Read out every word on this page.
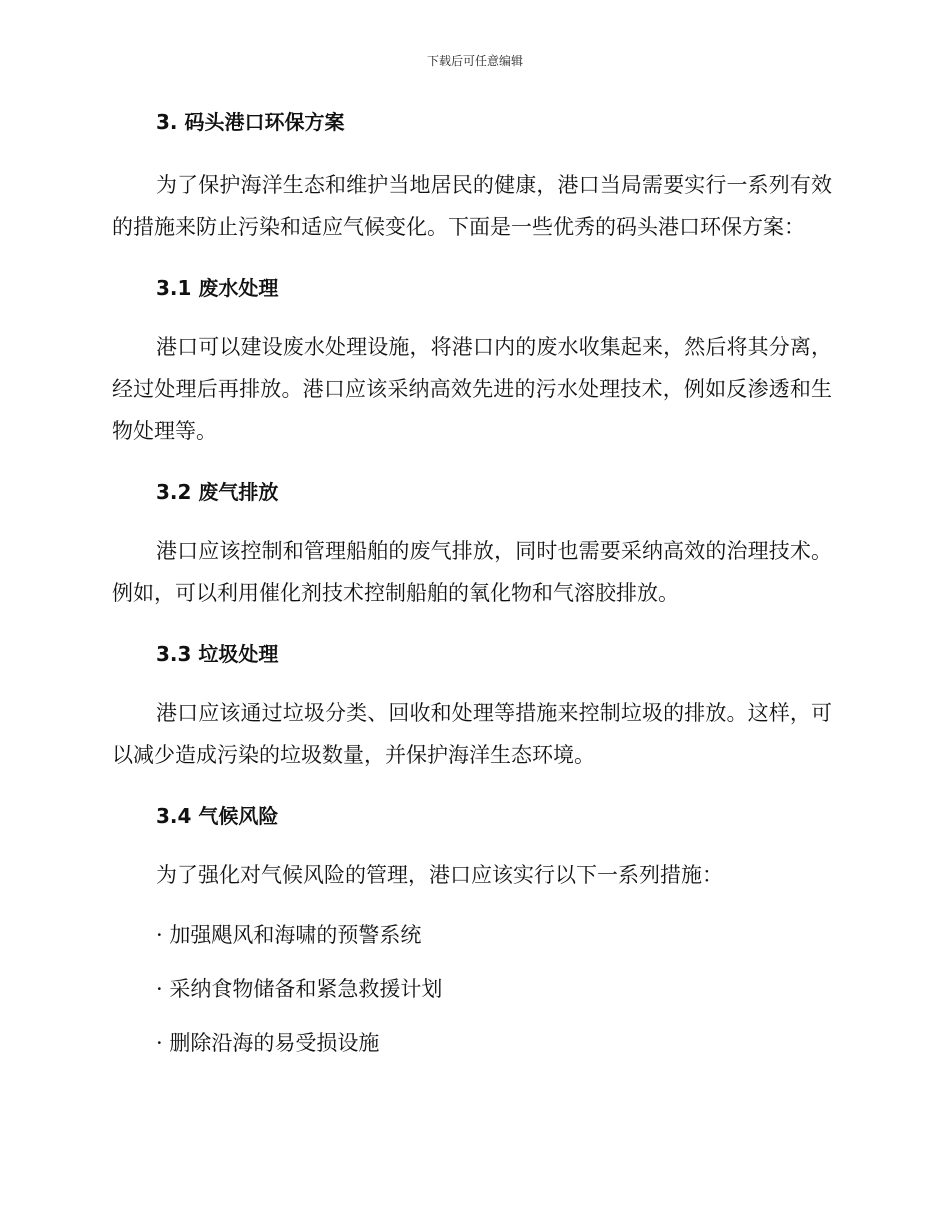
下载后可任意编辑
3. 码头港口环保方案

为了保护海洋生态和维护当地居民的健康，港口当局需要实行一系列有效的措施来防止污染和适应气候变化。下面是一些优秀的码头港口环保方案：

3.1 废水处理

港口可以建设废水处理设施，将港口内的废水收集起来，然后将其分离，经过处理后再排放。港口应该采纳高效先进的污水处理技术，例如反渗透和生物处理等。

3.2 废气排放

港口应该控制和管理船舶的废气排放，同时也需要采纳高效的治理技术。例如，可以利用催化剂技术控制船舶的氧化物和气溶胶排放。

3.3 垃圾处理

港口应该通过垃圾分类、回收和处理等措施来控制垃圾的排放。这样，可以减少造成污染的垃圾数量，并保护海洋生态环境。

3.4 气候风险

为了强化对气候风险的管理，港口应该实行以下一系列措施：

· 加强飓风和海啸的预警系统
· 采纳食物储备和紧急救援计划
· 删除沿海的易受损设施
